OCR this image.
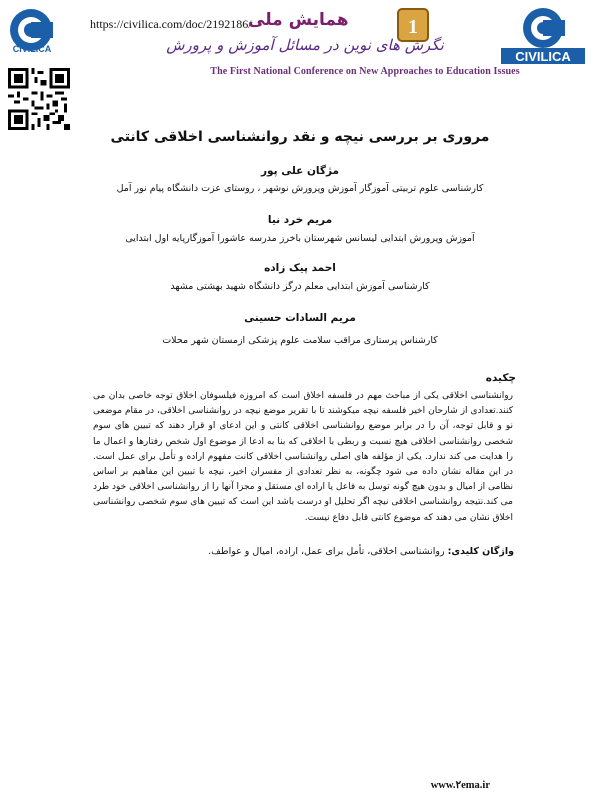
CIVILICA
https://civilica.com/doc/2192186/
همایش ملی	1
نگرش های نوین در مسائل آموزش و پرورش
The First National Conference on New Approaches to Education Issues
CIVILICA
مروری بر بررسی نیچه و نقد روانشناسی اخلاقی کانتی
مژگان علی پور
کارشناسی علوم تربیتی آموزگار آموزش وپرورش نوشهر ، روستای عزت دانشگاه پیام نور آمل
مریم خرد نیا
آموزش وپرورش ابتدایی لیسانس شهرستان باخرز مدرسه عاشورا آموزگارپایه اول ابتدایی
احمد پیک زاده
کارشناسی آموزش ابتدایی معلم درگز دانشگاه شهید بهشتی مشهد
مریم السادات حسینی
کارشناس پرستاری مراقب سلامت علوم پزشکی ازمستان شهر محلات
چکیده
روانشناسی اخلاقی یکی از مباحث مهم در فلسفه اخلاق است که امروزه فیلسوفان اخلاق توجه خاصی بدان می کنند.تعدادی از شارحان اخیر فلسفه نیچه میکوشند تا با تقریر موضع نیچه در روانشناسی اخلاقی، در مقام موضعی نو و قابل توجه، آن را در برابر موضع روانشناسی اخلاقی کانتی و این ادعای او قرار دهند که تبیین های سوم شخصی روانشناسی اخلاقی هیچ نسبت و ربطی با اخلاقی که بنا به ادعا از موضوع اول شخص رفتارها و اعمال ما را هدایت می کند ندارد. یکی از مؤلفه های اصلی روانشناسی اخلاقی کانت مفهوم اراده و تأمل برای عمل است. در این مقاله نشان داده می شود چگونه، به نظر تعدادی از مفسران اخیر، نیچه با تبیین این مفاهیم بر اساس نظامی از امیال و بدون هیچ گونه توسل به فاعل یا اراده ای مستقل و مجزا آنها را از روانشناسی اخلاقی خود طرد می کند.نتیجه روانشناسی اخلاقی نیچه اگر تحلیل او درست باشد این است که تبیین های سوم شخصی روانشناسی اخلاق نشان می دهند که موضوع کانتی قابل دفاع نیست.
واژگان کلیدی: روانشناسی اخلاقی، تأمل برای عمل، اراده، امیال و عواطف.
www.۲ema.ir
